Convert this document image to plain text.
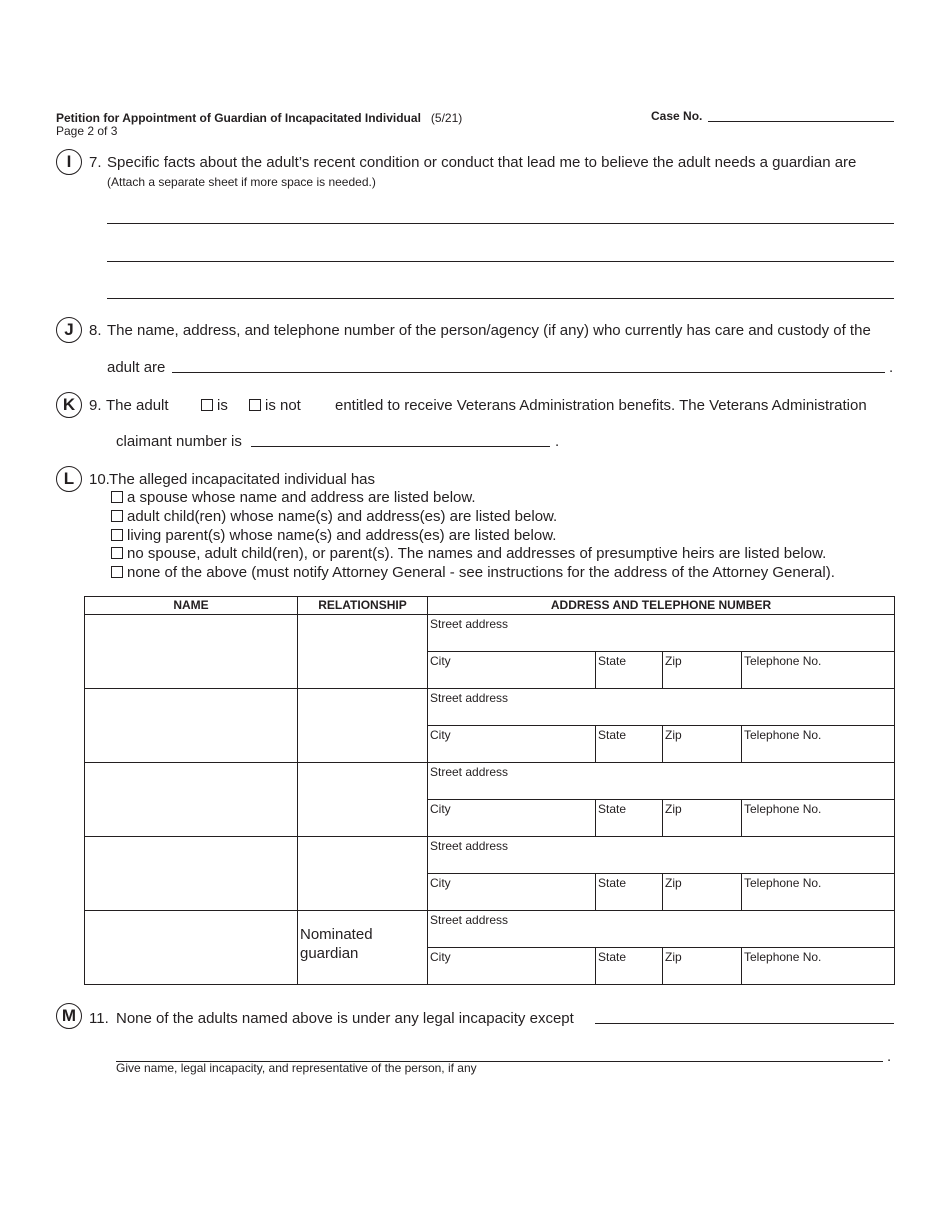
Petition for Appointment of Guardian of Incapacitated Individual (5/21)
Page 2 of 3
Case No.
I	7. Specific facts about the adult’s recent condition or conduct that lead me to believe the adult needs a guardian are
(Attach a separate sheet if more space is needed.)
J	8. The name, address, and telephone number of the person/agency (if any) who currently has care and custody of the
adult are	.
K 9. The adult	is	is not entitled to receive Veterans Administration benefits. The Veterans Administration
claimant number is	.
L 10. The alleged incapacitated individual has
a spouse whose name and address are listed below.
adult child(ren) whose name(s) and address(es) are listed below.
living parent(s) whose name(s) and address(es) are listed below.
no spouse, adult child(ren), or parent(s). The names and addresses of presumptive heirs are listed below.
none of the above (must notify Attorney General - see instructions for the address of the Attorney General).
NAME	RELATIONSHIP	ADDRESS AND TELEPHONE NUMBER			

		Street address			

		City	State	Zip	Telephone No.

		Street address			

		City	State	Zip	Telephone No.

		Street address			

		City	State	Zip	Telephone No.

		Street address			

		City	State	Zip	Telephone No.

	Nominated guardian	Street address			

		City	State	Zip	Telephone No.
M 11. None of the adults named above is under any legal incapacity except
.
Give name, legal incapacity, and representative of the person, if any
